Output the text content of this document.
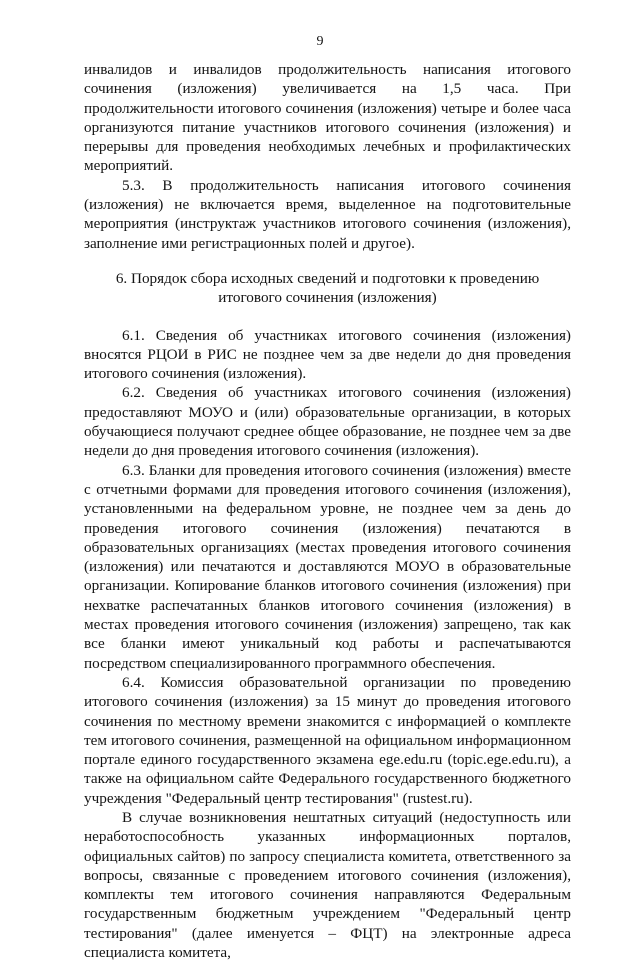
9

инвалидов и инвалидов продолжительность написания итогового сочинения (изложения) увеличивается на 1,5 часа. При продолжительности итогового сочинения (изложения) четыре и более часа организуются питание участников итогового сочинения (изложения) и перерывы для проведения необходимых лечебных и профилактических мероприятий.

5.3. В продолжительность написания итогового сочинения (изложения) не включается время, выделенное на подготовительные мероприятия (инструктаж участников итогового сочинения (изложения), заполнение ими регистрационных полей и другое).

6. Порядок сбора исходных сведений и подготовки к проведению итогового сочинения (изложения)

6.1. Сведения об участниках итогового сочинения (изложения) вносятся РЦОИ в РИС не позднее чем за две недели до дня проведения итогового сочинения (изложения).

6.2. Сведения об участниках итогового сочинения (изложения) предоставляют МОУО и (или) образовательные организации, в которых обучающиеся получают среднее общее образование, не позднее чем за две недели до дня проведения итогового сочинения (изложения).

6.3. Бланки для проведения итогового сочинения (изложения) вместе с отчетными формами для проведения итогового сочинения (изложения), установленными на федеральном уровне, не позднее чем за день до проведения итогового сочинения (изложения) печатаются в образовательных организациях (местах проведения итогового сочинения (изложения) или печатаются и доставляются МОУО в образовательные организации. Копирование бланков итогового сочинения (изложения) при нехватке распечатанных бланков итогового сочинения (изложения) в местах проведения итогового сочинения (изложения) запрещено, так как все бланки имеют уникальный код работы и распечатываются посредством специализированного программного обеспечения.

6.4. Комиссия образовательной организации по проведению итогового сочинения (изложения) за 15 минут до проведения итогового сочинения по местному времени знакомится с информацией о комплекте тем итогового сочинения, размещенной на официальном информационном портале единого государственного экзамена ege.edu.ru (topic.ege.edu.ru), а также на официальном сайте Федерального государственного бюджетного учреждения "Федеральный центр тестирования" (rustest.ru).

В случае возникновения нештатных ситуаций (недоступность или неработоспособность указанных информационных порталов, официальных сайтов) по запросу специалиста комитета, ответственного за вопросы, связанные с проведением итогового сочинения (изложения), комплекты тем итогового сочинения направляются Федеральным государственным бюджетным учреждением "Федеральный центр тестирования" (далее именуется – ФЦТ) на электронные адреса специалиста комитета,
